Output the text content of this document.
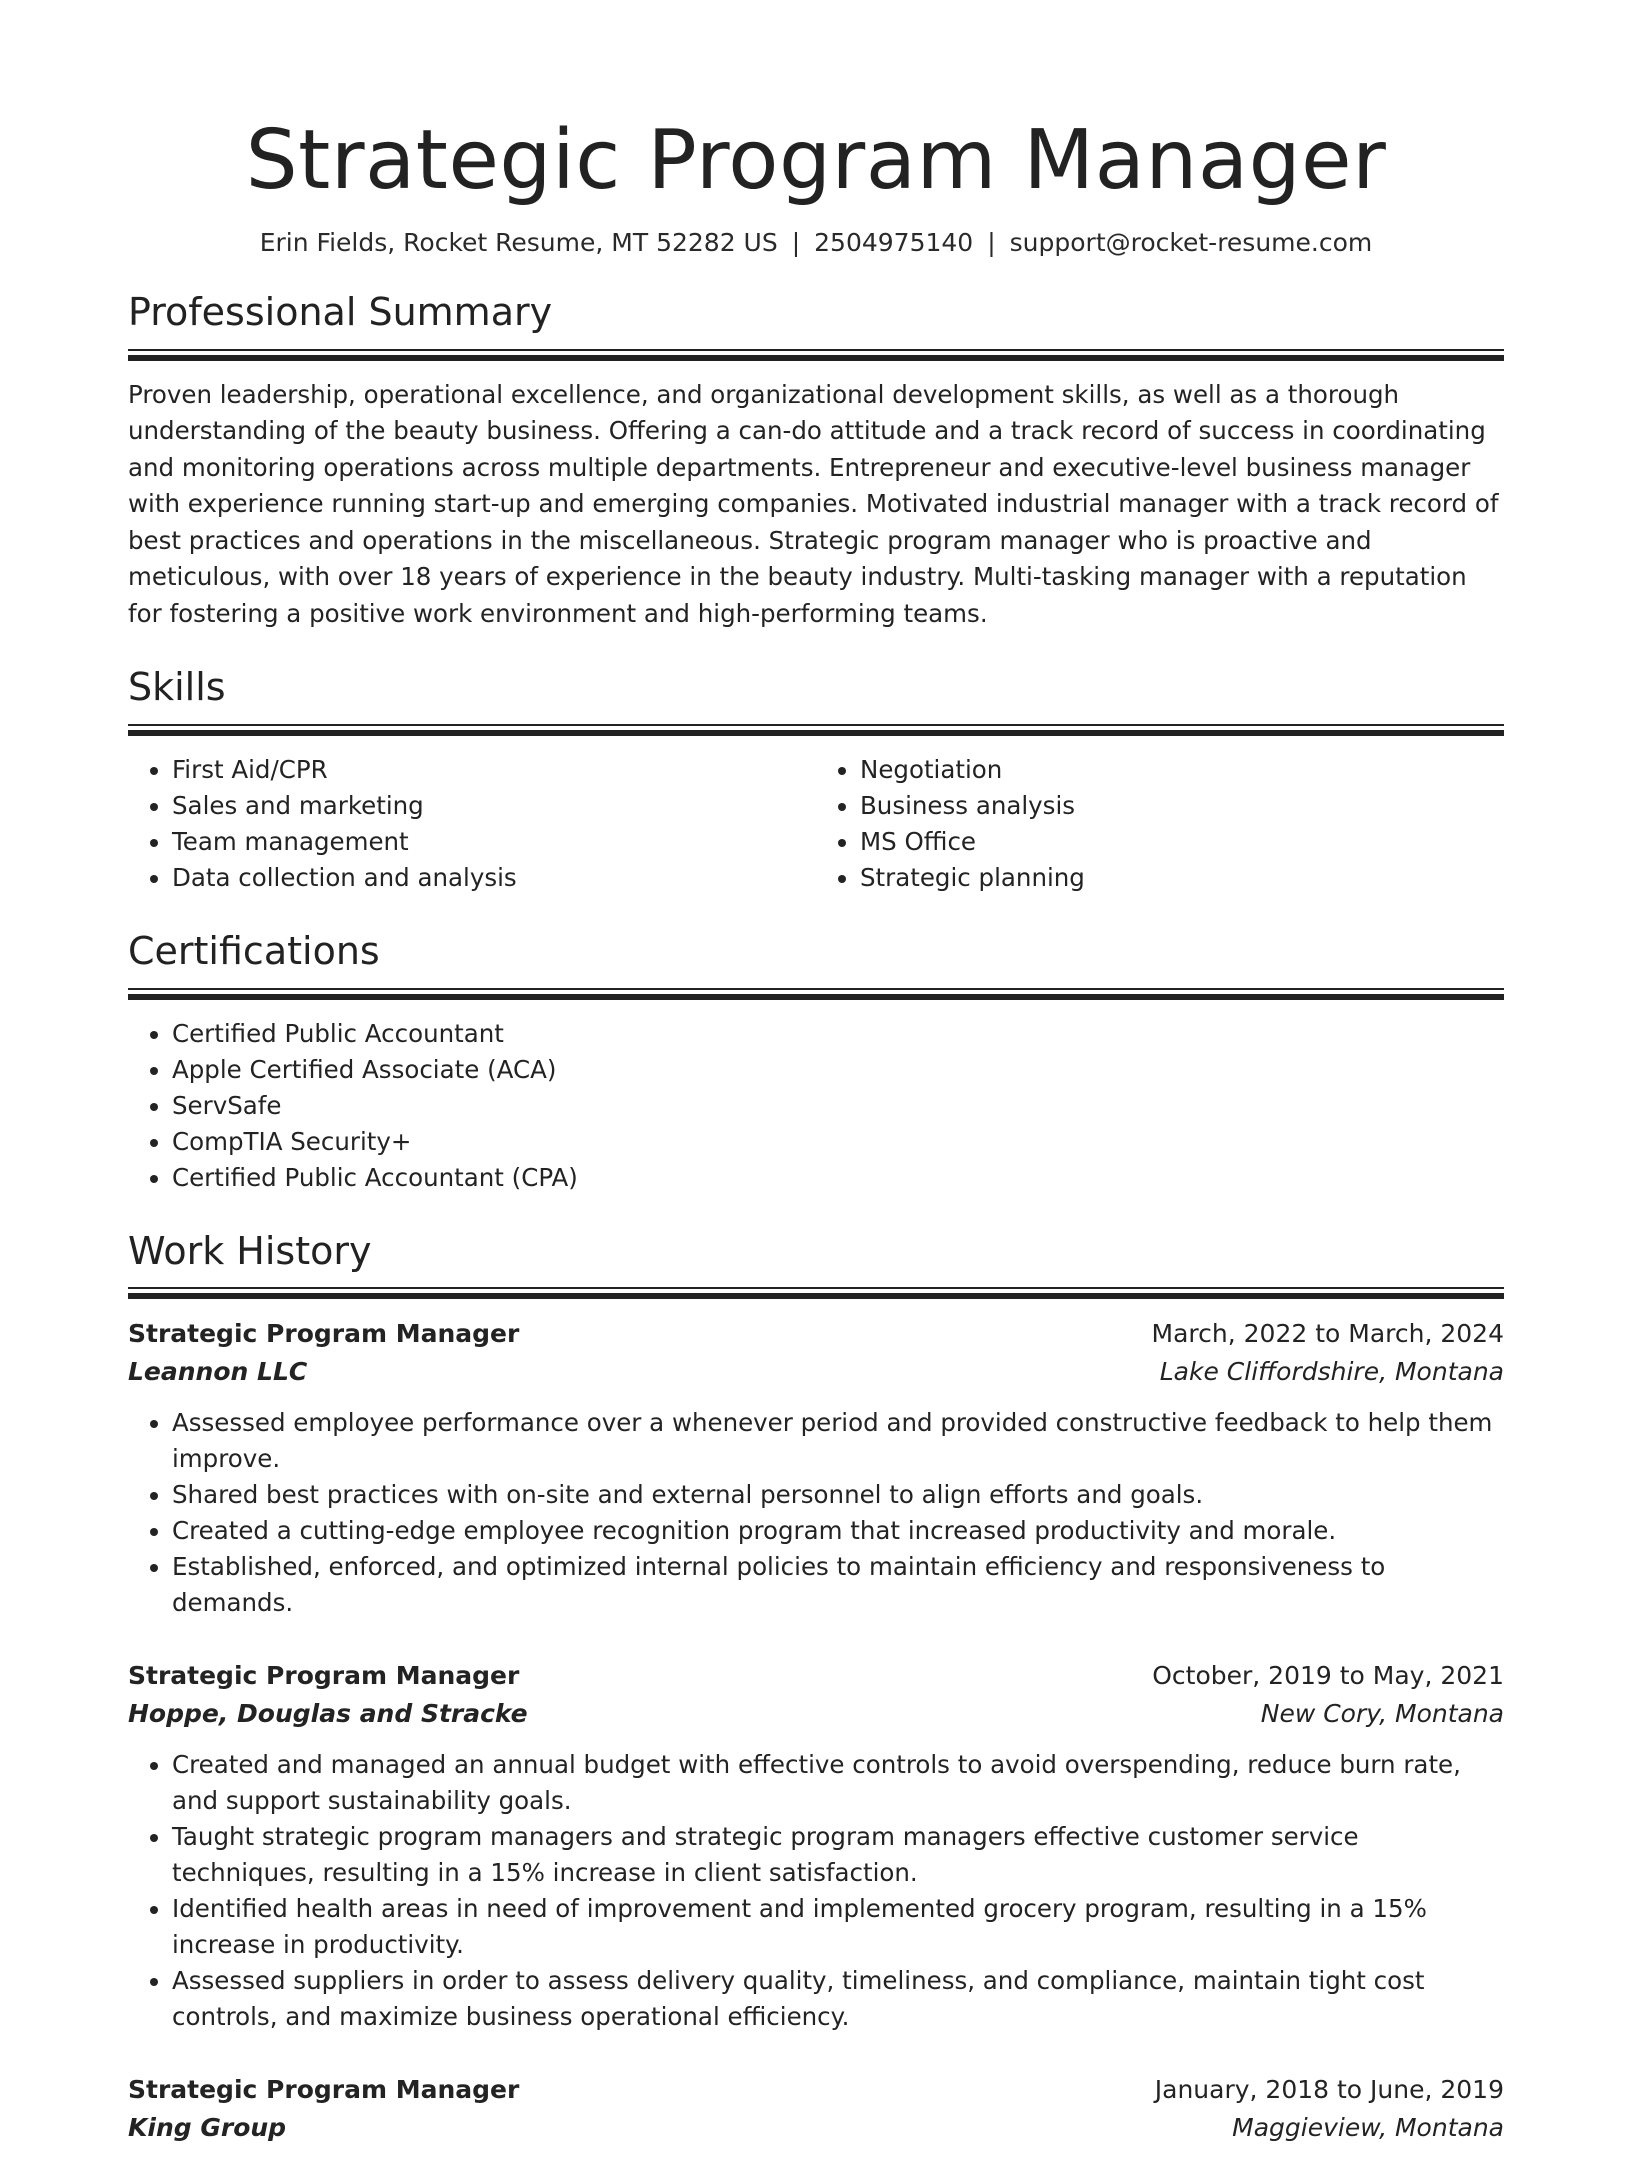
Strategic Program Manager
Erin Fields, Rocket Resume, MT 52282 US | 2504975140 | support@rocket-resume.com
Professional Summary

Proven leadership, operational excellence, and organizational development skills, as well as a thorough understanding of the beauty business. Offering a can-do attitude and a track record of success in coordinating and monitoring operations across multiple departments. Entrepreneur and executive-level business manager with experience running start-up and emerging companies. Motivated industrial manager with a track record of best practices and operations in the miscellaneous. Strategic program manager who is proactive and meticulous, with over 18 years of experience in the beauty industry. Multi-tasking manager with a reputation for fostering a positive work environment and high-performing teams.

Skills
• First Aid/CPR
• Sales and marketing
• Team management
• Data collection and analysis
• Negotiation
• Business analysis
• MS Office
• Strategic planning
Certifications
• Certified Public Accountant
• Apple Certified Associate (ACA)
• ServSafe
• CompTIA Security+
• Certified Public Accountant (CPA)
Work History
Strategic Program Manager	March, 2022 to March, 2024
Leannon LLC	Lake Cliffordshire, Montana
• Assessed employee performance over a whenever period and provided constructive feedback to help them improve.
• Shared best practices with on-site and external personnel to align efforts and goals.
• Created a cutting-edge employee recognition program that increased productivity and morale.
• Established, enforced, and optimized internal policies to maintain efficiency and responsiveness to demands.
Strategic Program Manager	October, 2019 to May, 2021
Hoppe, Douglas and Stracke	New Cory, Montana
• Created and managed an annual budget with effective controls to avoid overspending, reduce burn rate, and support sustainability goals.
• Taught strategic program managers and strategic program managers effective customer service techniques, resulting in a 15% increase in client satisfaction.
• Identified health areas in need of improvement and implemented grocery program, resulting in a 15% increase in productivity.
• Assessed suppliers in order to assess delivery quality, timeliness, and compliance, maintain tight cost controls, and maximize business operational efficiency.
Strategic Program Manager	January, 2018 to June, 2019
King Group	Maggieview, Montana
